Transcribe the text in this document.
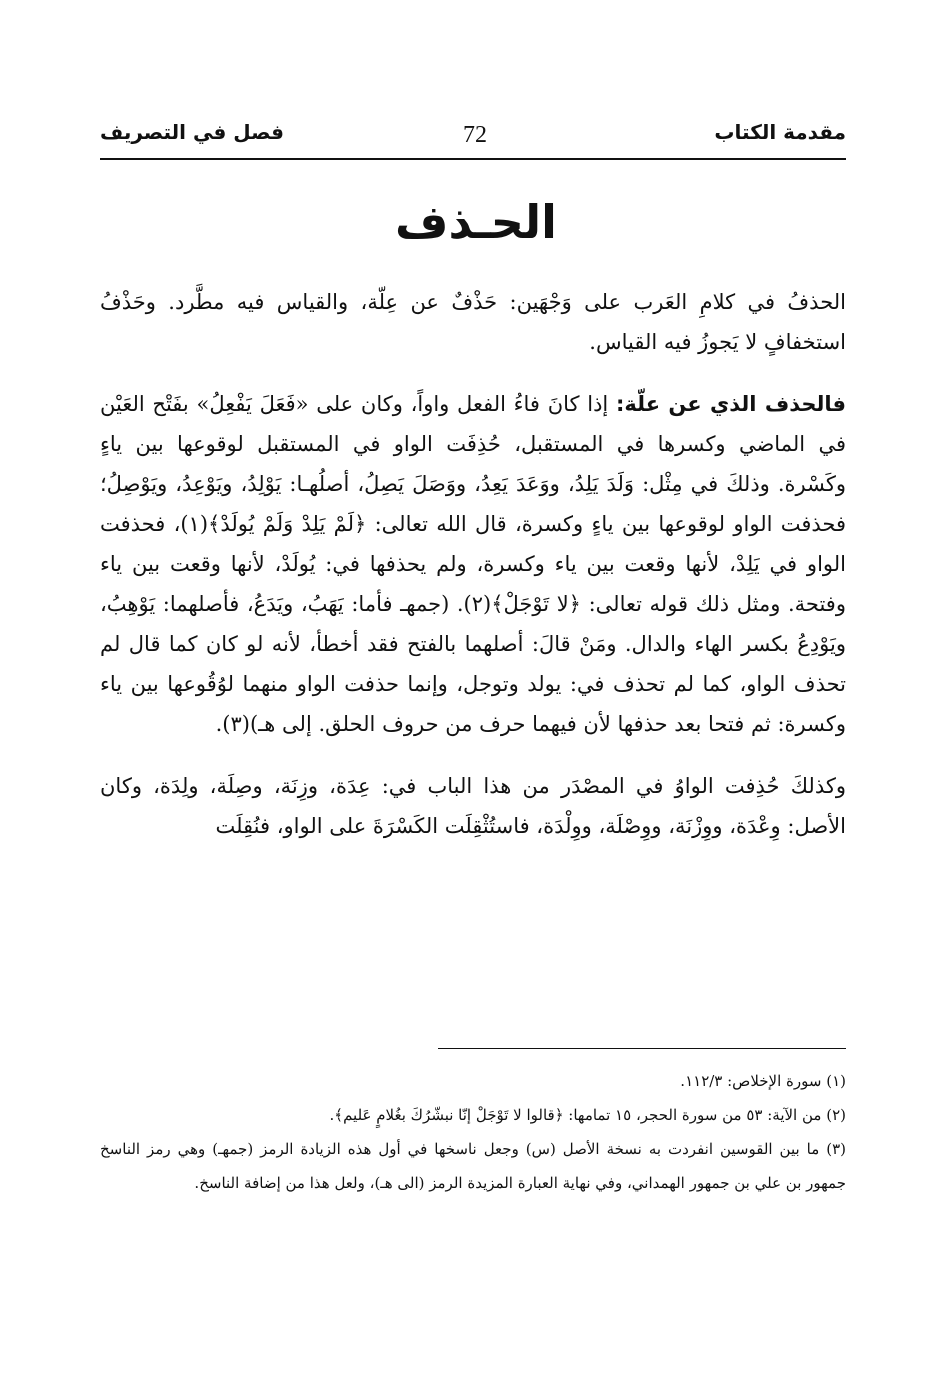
مقدمة الكتاب
72
فصل في التصريف
الحـذف

الحذفُ في كلامِ العَرب على وَجْهَين: حَذْفٌ عن عِلّة، والقياس فيه مطَّرد. وحَذْفُ استخفافٍ لا يَجوزُ فيه القياس.

فالحذف الذي عن علّة: إذا كانَ فاءُ الفعل واواً، وكان على «فَعَلَ يَفْعِلُ» بفَتْح العَيْن في الماضي وكسرها في المستقبل، حُذِفَت الواو في المستقبل لوقوعها بين ياءٍ وكَسْرة. وذلكَ في مِثْل: وَلَدَ يَلِدُ، ووَعَدَ يَعِدُ، ووَصَلَ يَصِلُ، أصلُهـا: يَوْلِدُ، ويَوْعِدُ، ويَوْصِلُ؛ فحذفت الواو لوقوعها بين ياءٍ وكسرة، قال الله تعالى: ﴿لَمْ يَلِدْ وَلَمْ يُولَدْ﴾(١)، فحذفت الواو في يَلِدْ، لأنها وقعت بين ياء وكسرة، ولم يحذفها في: يُولَدْ، لأنها وقعت بين ياء وفتحة. ومثل ذلك قوله تعالى: ﴿لا تَوْجَلْ﴾(٢). (جمهـ فأما: يَهَبُ، ويَدَعُ، فأصلهما: يَوْهِبُ، ويَوْدِعُ بكسر الهاء والدال. ومَنْ قالَ: أصلهما بالفتح فقد أخطأ، لأنه لو كان كما قال لم تحذف الواو، كما لم تحذف في: يولد وتوجل، وإنما حذفت الواو منهما لوُقُوعها بين ياء وكسرة: ثم فتحا بعد حذفها لأن فيهما حرف من حروف الحلق. إلى هـ)(٣).

وكذلكَ حُذِفت الواوُ في المصْدَر من هذا الباب في: عِدَة، وزِنَة، وصِلَة، ولِدَة، وكان الأصل: وِعْدَة، ووِزْنَة، ووِصْلَة، ووِلْدَة، فاستُثْقِلَت الكَسْرَةَ على الواو، فنُقِلَت

(١) سورة الإخلاص: ١١٢/٣.

(٢) من الآية: ٥٣ من سورة الحجر، ١٥ تمامها: ﴿قالوا لا تَوْجَلْ إنّا نبشّرُكَ بغُلامٍ عَليم﴾.

(٣) ما بين القوسين انفردت به نسخة الأصل (س) وجعل ناسخها في أول هذه الزيادة الرمز (جمهـ) وهي رمز الناسخ جمهور بن علي بن جمهور الهمداني، وفي نهاية العبارة المزيدة الرمز (الى هـ)، ولعل هذا من إضافة الناسخ.
